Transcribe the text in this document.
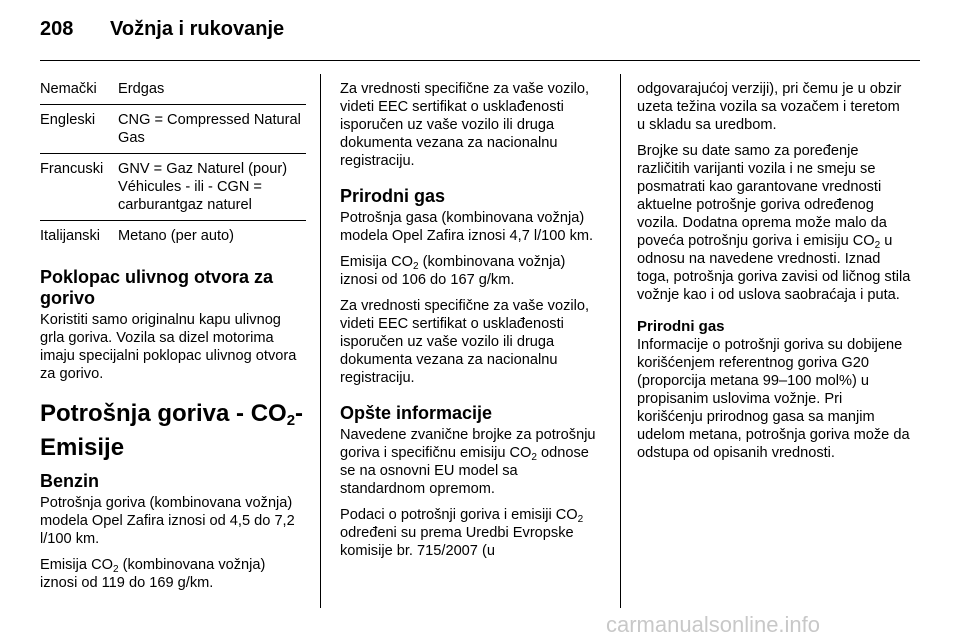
208 Vožnja i rukovanje
Nemački	Erdgas
Engleski	CNG = Compressed Natural Gas
Francuski	GNV = Gaz Naturel (pour) Véhicules - ili - CGN = carburantgaz naturel
Italijanski	Metano (per auto)
Poklopac ulivnog otvora za gorivo

Koristiti samo originalnu kapu ulivnog grla goriva. Vozila sa dizel motorima imaju specijalni poklopac ulivnog otvora za gorivo.

Potrošnja goriva - $CO_2-$
Emisije
Benzin

Potrošnja goriva (kombinovana vožnja) modela Opel Zafira iznosi od 4,5 do 7,2 l/100 km.

Emisija $CO_2$ (kombinovana vožnja) iznosi od 119 do 169 g/km.

Za vrednosti specifične za vaše vozilo, videti EEC sertifikat o usklađenosti isporučen uz vaše vozilo ili druga dokumenta vezana za nacionalnu registraciju.

Prirodni gas

Potrošnja gasa (kombinovana vožnja) modela Opel Zafira iznosi 4,7 l/100 km.

Emisija $CO_2$ (kombinovana vožnja) iznosi od 106 do 167 g/km.

Za vrednosti specifične za vaše vozilo, videti EEC sertifikat o usklađenosti isporučen uz vaše vozilo ili druga dokumenta vezana za nacionalnu registraciju.

Opšte informacije

Navedene zvanične brojke za potrošnju goriva i specifičnu emisiju $CO_2$ odnose se na osnovni EU model sa standardnom opremom.

Podaci o potrošnji goriva i emisiji $CO_2$ određeni su prema Uredbi Evropske komisije br. 715/2007 (u

odgovarajućoj verziji), pri čemu je u obzir uzeta težina vozila sa vozačem i teretom u skladu sa uredbom.

Brojke su date samo za poređenje različitih varijanti vozila i ne smeju se posmatrati kao garantovane vrednosti aktuelne potrošnje goriva određenog vozila. Dodatna oprema može malo da poveća potrošnju goriva i emisiju $CO_2$ u odnosu na navedene vrednosti. Iznad toga, potrošnja goriva zavisi od ličnog stila vožnje kao i od uslova saobraćaja i puta.

Prirodni gas

Informacije o potrošnji goriva su dobijene korišćenjem referentnog goriva G20 (proporcija metana 99–100 mol%) u propisanim uslovima vožnje. Pri korišćenju prirodnog gasa sa manjim udelom metana, potrošnja goriva može da odstupa od opisanih vrednosti.

carmanualsonline.info
